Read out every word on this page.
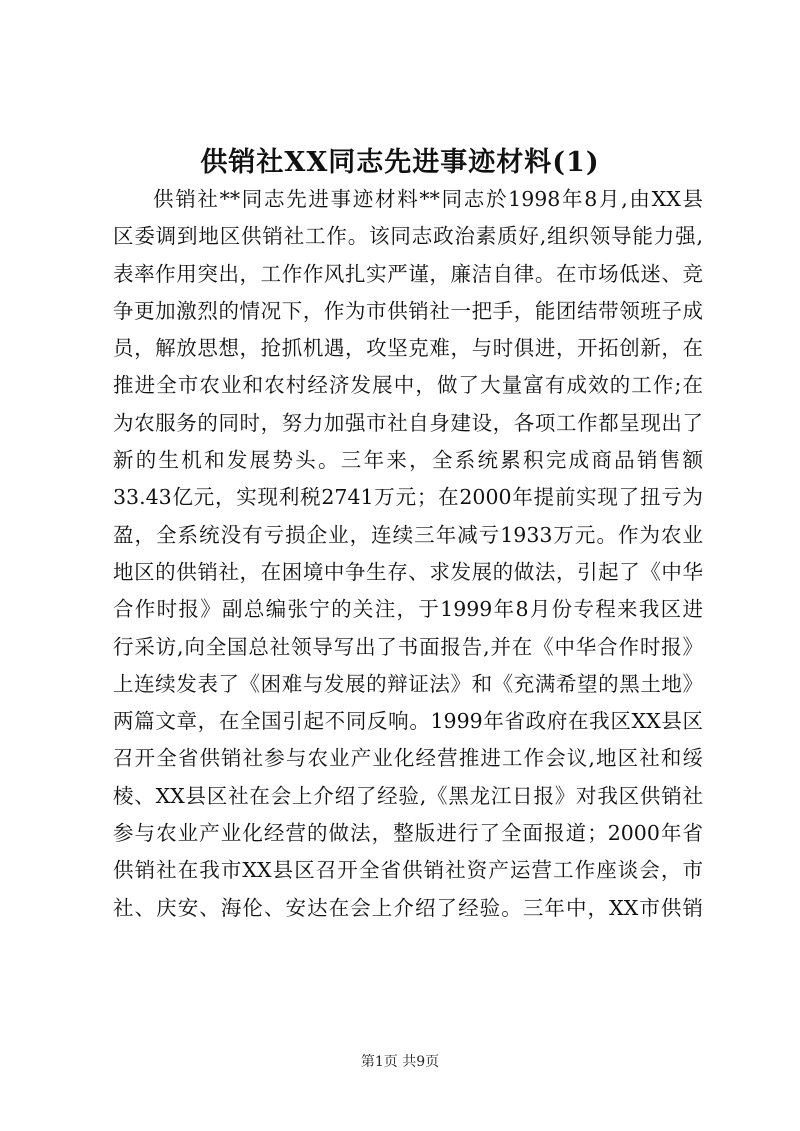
供销社XX同志先进事迹材料(1)
供销社**同志先进事迹材料**同志於1998年8月,由XX县
区委调到地区供销社工作。该同志政治素质好,组织领导能力强,
表率作用突出，工作作风扎实严谨，廉洁自律。在市场低迷、竞
争更加激烈的情况下，作为市供销社一把手，能团结带领班子成
员，解放思想，抢抓机遇，攻坚克难，与时俱进，开拓创新，在
推进全市农业和农村经济发展中，做了大量富有成效的工作;在
为农服务的同时，努力加强市社自身建设，各项工作都呈现出了
新的生机和发展势头。三年来，全系统累积完成商品销售额
33.43亿元，实现利税2741万元；在2000年提前实现了扭亏为
盈，全系统没有亏损企业，连续三年减亏1933万元。作为农业
地区的供销社，在困境中争生存、求发展的做法，引起了《中华
合作时报》副总编张宁的关注，于1999年8月份专程来我区进
行采访,向全国总社领导写出了书面报告,并在《中华合作时报》
上连续发表了《困难与发展的辩证法》和《充满希望的黑土地》
两篇文章，在全国引起不同反响。1999年省政府在我区XX县区
召开全省供销社参与农业产业化经营推进工作会议,地区社和绥
棱、XX县区社在会上介绍了经验,《黑龙江日报》对我区供销社
参与农业产业化经营的做法，整版进行了全面报道；2000年省
供销社在我市XX县区召开全省供销社资产运营工作座谈会，市
社、庆安、海伦、安达在会上介绍了经验。三年中，XX市供销
第1页 共9页
